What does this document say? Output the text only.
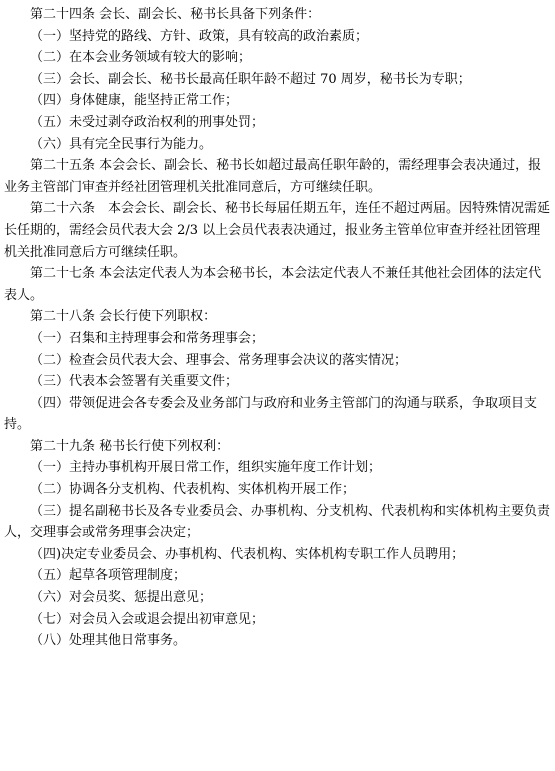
第二十四条 会长、副会长、秘书长具备下列条件：

（一）坚持党的路线、方针、政策，具有较高的政治素质；

（二）在本会业务领域有较大的影响；

（三）会长、副会长、秘书长最高任职年龄不超过 70 周岁，秘书长为专职；

（四）身体健康，能坚持正常工作；

（五）未受过剥夺政治权利的刑事处罚；

（六）具有完全民事行为能力。

第二十五条 本会会长、副会长、秘书长如超过最高任职年龄的，需经理事会表决通过，报业务主管部门审查并经社团管理机关批准同意后，方可继续任职。

第二十六条　本会会长、副会长、秘书长每届任期五年，连任不超过两届。因特殊情况需延长任期的，需经会员代表大会 2/3 以上会员代表表决通过，报业务主管单位审查并经社团管理机关批准同意后方可继续任职。

第二十七条 本会法定代表人为本会秘书长，本会法定代表人不兼任其他社会团体的法定代表人。

第二十八条 会长行使下列职权：

（一）召集和主持理事会和常务理事会；

（二）检查会员代表大会、理事会、常务理事会决议的落实情况；

（三）代表本会签署有关重要文件；

（四）带领促进会各专委会及业务部门与政府和业务主管部门的沟通与联系，争取项目支持。

第二十九条 秘书长行使下列权利：

（一）主持办事机构开展日常工作，组织实施年度工作计划；

（二）协调各分支机构、代表机构、实体机构开展工作；

（三）提名副秘书长及各专业委员会、办事机构、分支机构、代表机构和实体机构主要负责人，交理事会或常务理事会决定；

（四)决定专业委员会、办事机构、代表机构、实体机构专职工作人员聘用；

（五）起草各项管理制度；

（六）对会员奖、惩提出意见；

（七）对会员入会或退会提出初审意见；

（八）处理其他日常事务。
